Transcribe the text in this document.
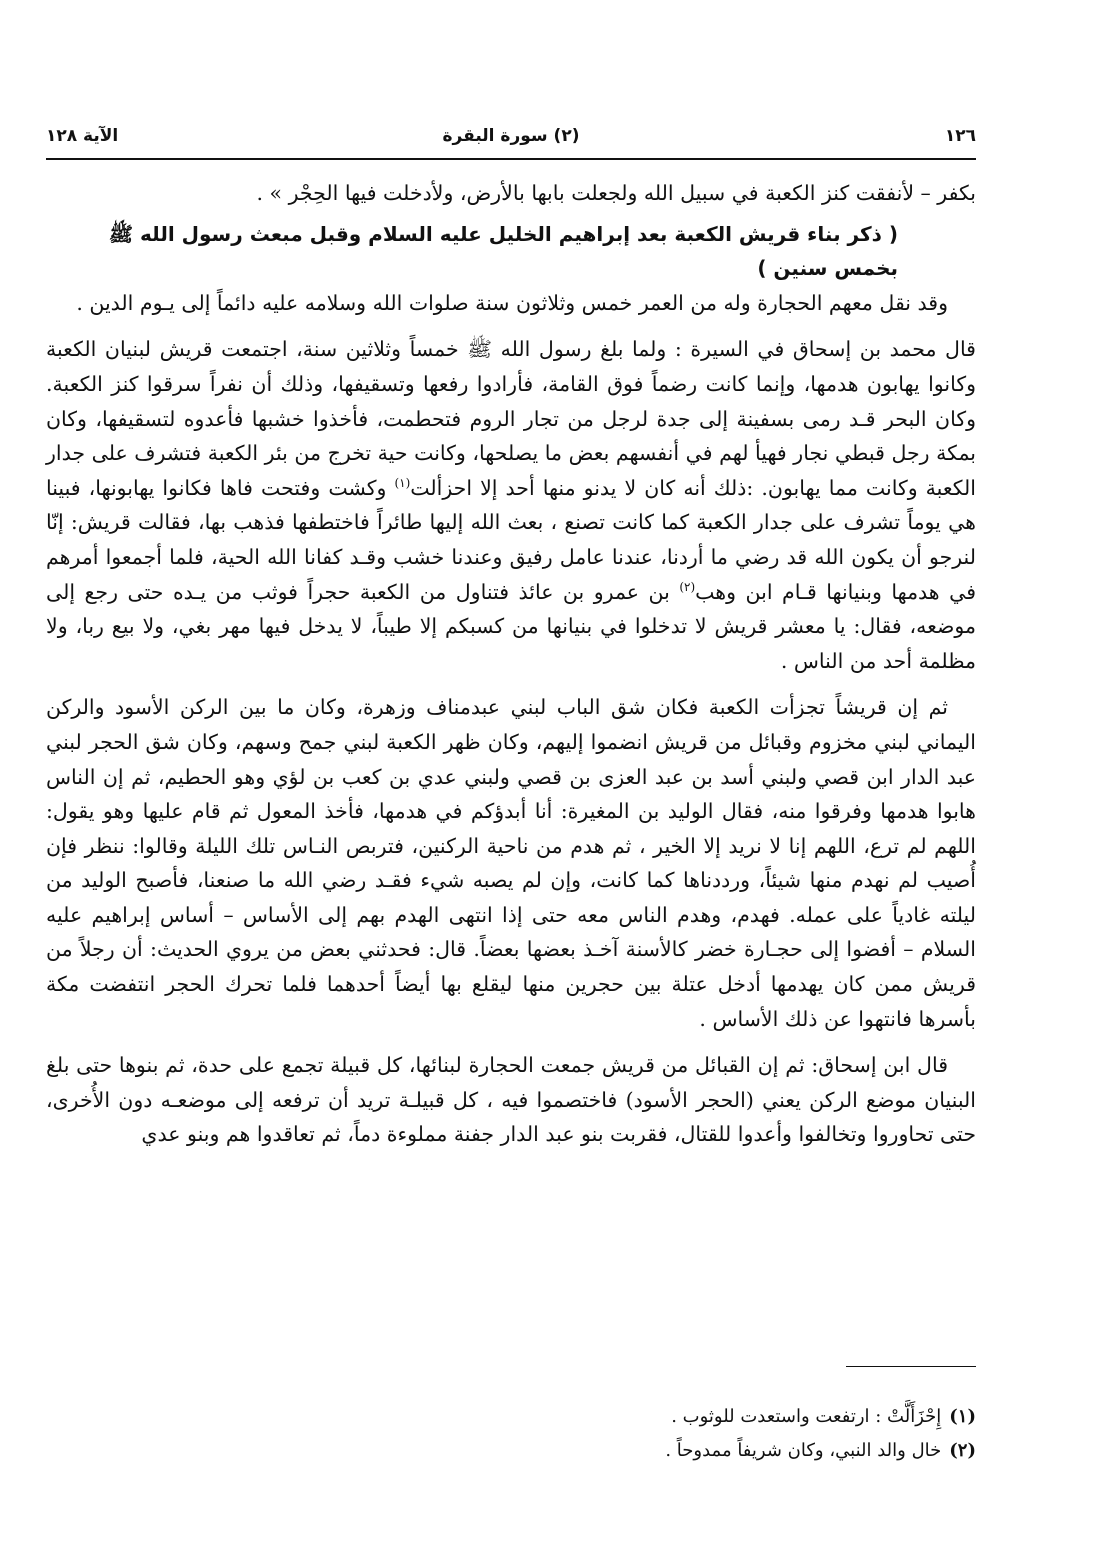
١٢٦
(٢) سورة البقرة
الآية ١٢٨

بكفر – لأنفقت كنز الكعبة في سبيل الله ولجعلت بابها بالأرض، ولأدخلت فيها الحِجْر » .

( ذكر بناء قريش الكعبة بعد إبراهيم الخليل عليه السلام وقبل مبعث رسول الله ﷺ بخمس سنين )

وقد نقل معهم الحجارة وله من العمر خمس وثلاثون سنة صلوات الله وسلامه عليه دائماً إلى يـوم الدين .

قال محمد بن إسحاق في السيرة : ولما بلغ رسول الله ﷺ خمساً وثلاثين سنة، اجتمعت قريش لبنيان الكعبة وكانوا يهابون هدمها، وإنما كانت رضماً فوق القامة، فأرادوا رفعها وتسقيفها، وذلك أن نفراً سرقوا كنز الكعبة. وكان البحر قـد رمى بسفينة إلى جدة لرجل من تجار الروم فتحطمت، فأخذوا خشبها فأعدوه لتسقيفها، وكان بمكة رجل قبطي نجار فهيأ لهم في أنفسهم بعض ما يصلحها، وكانت حية تخرج من بئر الكعبة فتشرف على جدار الكعبة وكانت مما يهابون. :ذلك أنه كان لا يدنو منها أحد إلا احزألت$^{(١)}$ وكشت وفتحت فاها فكانوا يهابونها، فبينا هي يوماً تشرف على جدار الكعبة كما كانت تصنع ، بعث الله إليها طائراً فاختطفها فذهب بها، فقالت قريش: إنّا لنرجو أن يكون الله قد رضي ما أردنا، عندنا عامل رفيق وعندنا خشب وقـد كفانا الله الحية، فلما أجمعوا أمرهم في هدمها وبنيانها قـام ابن وهب$^{(٢)}$ بن عمرو بن عائذ فتناول من الكعبة حجراً فوثب من يـده حتى رجع إلى موضعه، فقال: يا معشر قريش لا تدخلوا في بنيانها من كسبكم إلا طيباً، لا يدخل فيها مهر بغي، ولا بيع ربا، ولا مظلمة أحد من الناس .

ثم إن قريشاً تجزأت الكعبة فكان شق الباب لبني عبدمناف وزهرة، وكان ما بين الركن الأسود والركن اليماني لبني مخزوم وقبائل من قريش انضموا إليهم، وكان ظهر الكعبة لبني جمح وسهم، وكان شق الحجر لبني عبد الدار ابن قصي ولبني أسد بن عبد العزى بن قصي ولبني عدي بن كعب بن لؤي وهو الحطيم، ثم إن الناس هابوا هدمها وفرقوا منه، فقال الوليد بن المغيرة: أنا أبدؤكم في هدمها، فأخذ المعول ثم قام عليها وهو يقول: اللهم لم ترع، اللهم إنا لا نريد إلا الخير ، ثم هدم من ناحية الركنين، فتربص النـاس تلك الليلة وقالوا: ننظر فإن أُصيب لم نهدم منها شيئاً، ورددناها كما كانت، وإن لم يصبه شيء فقـد رضي الله ما صنعنا، فأصبح الوليد من ليلته غادياً على عمله. فهدم، وهدم الناس معه حتى إذا انتهى الهدم بهم إلى الأساس – أساس إبراهيم عليه السلام – أفضوا إلى حجـارة خضر كالأسنة آخـذ بعضها بعضاً. قال: فحدثني بعض من يروي الحديث: أن رجلاً من قريش ممن كان يهدمها أدخل عتلة بين حجرين منها ليقلع بها أيضاً أحدهما فلما تحرك الحجر انتفضت مكة بأسرها فانتهوا عن ذلك الأساس .

قال ابن إسحاق: ثم إن القبائل من قريش جمعت الحجارة لبنائها، كل قبيلة تجمع على حدة، ثم بنوها حتى بلغ البنيان موضع الركن يعني (الحجر الأسود) فاختصموا فيه ، كل قبيلـة تريد أن ترفعه إلى موضعـه دون الأُخرى، حتى تحاوروا وتخالفوا وأعدوا للقتال، فقربت بنو عبد الدار جفنة مملوءة دماً، ثم تعاقدوا هم وبنو عدي

(١)إِحْزَأَلَّتْ : ارتفعت واستعدت للوثوب .

(٢)خال والد النبي، وكان شريفاً ممدوحاً .
